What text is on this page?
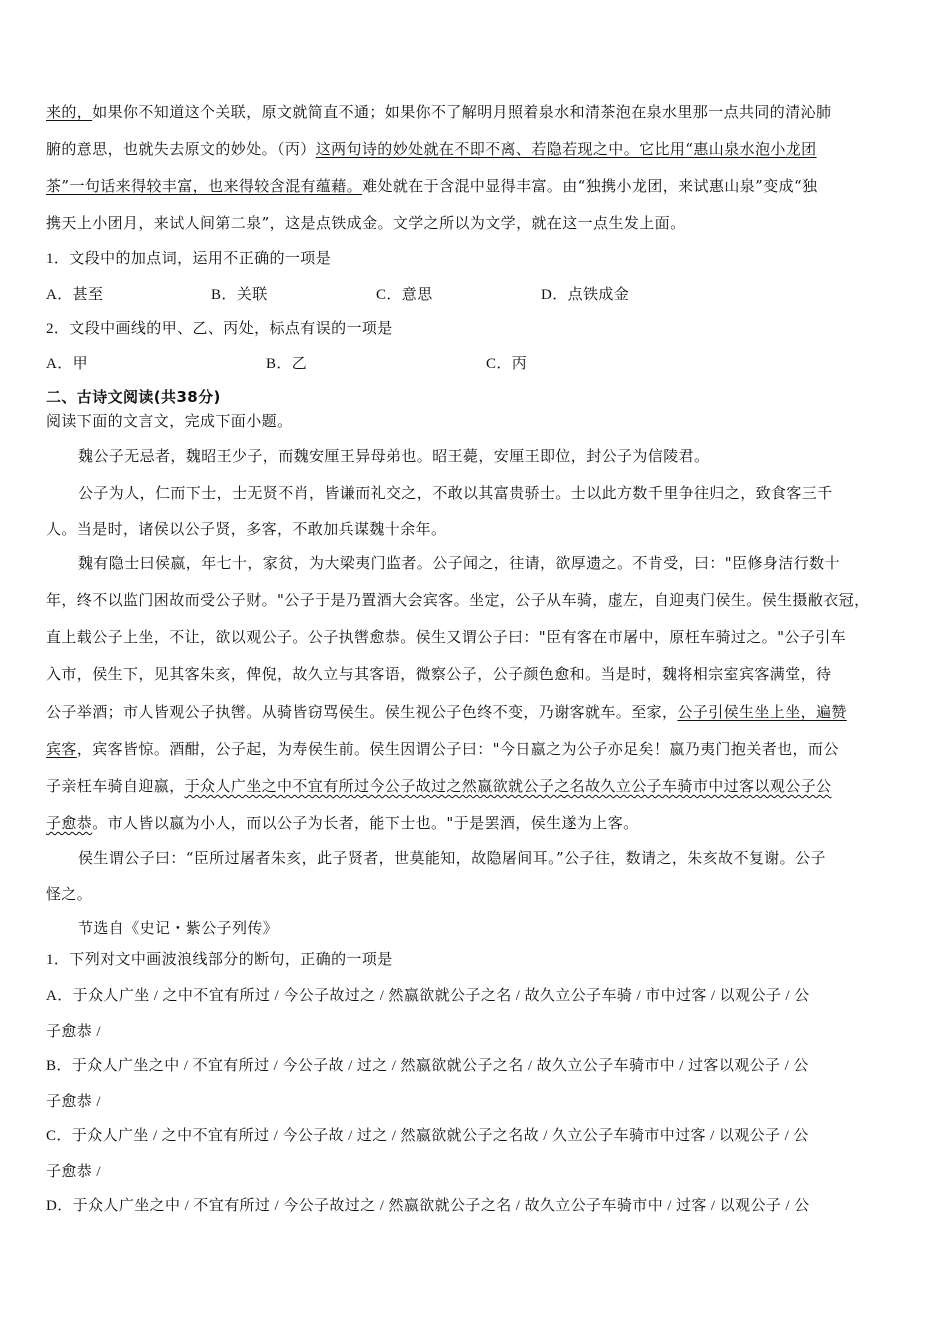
来的，如果你不知道这个关联，原文就简直不通；如果你不了解明月照着泉水和清茶泡在泉水里那一点共同的清沁肺
腑的意思，也就失去原文的妙处。（丙）这两句诗的妙处就在不即不离、若隐若现之中。它比用“惠山泉水泡小龙团
茶”一句话来得较丰富，也来得较含混有蕴藉。难处就在于含混中显得丰富。由“独携小龙团，来试惠山泉”变成“独
携天上小团月，来试人间第二泉”，这是点铁成金。文学之所以为文学，就在这一点生发上面。
1．文段中的加点词，运用不正确的一项是
A．甚至	B．关联	C．意思	D．点铁成金
2．文段中画线的甲、乙、丙处，标点有误的一项是
A．甲	B．乙	C．丙
二、古诗文阅读(共38分)
阅读下面的文言文，完成下面小题。
魏公子无忌者，魏昭王少子，而魏安厘王异母弟也。昭王薨，安厘王即位，封公子为信陵君。
公子为人，仁而下士，士无贤不肖，皆谦而礼交之，不敢以其富贵骄士。士以此方数千里争往归之，致食客三千
人。当是时，诸侯以公子贤，多客，不敢加兵谋魏十余年。
魏有隐士曰侯嬴，年七十，家贫，为大梁夷门监者。公子闻之，往请，欲厚遗之。不肯受，曰："臣修身洁行数十
年，终不以监门困故而受公子财。"公子于是乃置酒大会宾客。坐定，公子从车骑，虚左，自迎夷门侯生。侯生摄敝衣冠，
直上载公子上坐，不让，欲以观公子。公子执辔愈恭。侯生又谓公子曰："臣有客在市屠中，原枉车骑过之。"公子引车
入市，侯生下，见其客朱亥，俾倪，故久立与其客语，微察公子，公子颜色愈和。当是时，魏将相宗室宾客满堂，待
公子举酒；市人皆观公子执辔。从骑皆窃骂侯生。侯生视公子色终不变，乃谢客就车。至家，公子引侯生坐上坐，遍赞
宾客，宾客皆惊。酒酣，公子起，为寿侯生前。侯生因谓公子曰："今日嬴之为公子亦足矣！嬴乃夷门抱关者也，而公
子亲枉车骑自迎嬴，于众人广坐之中不宜有所过今公子故过之然嬴欲就公子之名故久立公子车骑市中过客以观公子公
子愈恭。市人皆以嬴为小人，而以公子为长者，能下士也。"于是罢酒，侯生遂为上客。
侯生谓公子曰：“臣所过屠者朱亥，此子贤者，世莫能知，故隐屠间耳。”公子往，数请之，朱亥故不复谢。公子
怪之。
节选自《史记・紫公子列传》
1．下列对文中画波浪线部分的断句，正确的一项是
A．于众人广坐 / 之中不宜有所过 / 今公子故过之 / 然嬴欲就公子之名 / 故久立公子车骑 / 市中过客 / 以观公子 / 公
子愈恭 /
B．于众人广坐之中 / 不宜有所过 / 今公子故 / 过之 / 然嬴欲就公子之名 / 故久立公子车骑市中 / 过客以观公子 / 公
子愈恭 /
C．于众人广坐 / 之中不宜有所过 / 今公子故 / 过之 / 然嬴欲就公子之名故 / 久立公子车骑市中过客 / 以观公子 / 公
子愈恭 /
D．于众人广坐之中 / 不宜有所过 / 今公子故过之 / 然嬴欲就公子之名 / 故久立公子车骑市中 / 过客 / 以观公子 / 公
